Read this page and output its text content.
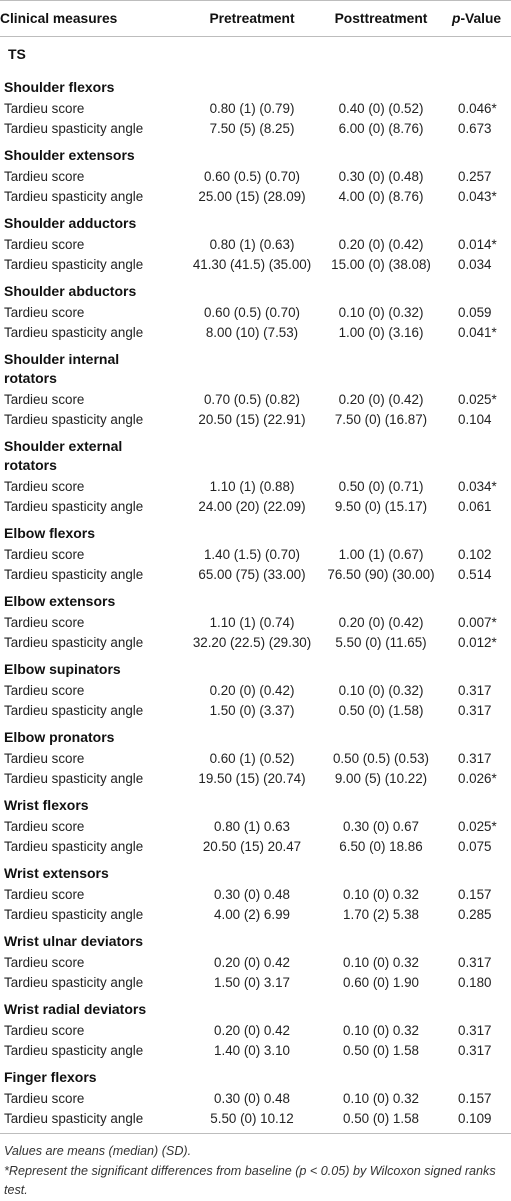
Clinical measures	Pretreatment	Posttreatment	p-Value
TS			
Shoulder flexors			
Tardieu score	0.80 (1) (0.79)	0.40 (0) (0.52)	0.046*
Tardieu spasticity angle	7.50 (5) (8.25)	6.00 (0) (8.76)	0.673
Shoulder extensors			
Tardieu score	0.60 (0.5) (0.70)	0.30 (0) (0.48)	0.257
Tardieu spasticity angle	25.00 (15) (28.09)	4.00 (0) (8.76)	0.043*
Shoulder adductors			
Tardieu score	0.80 (1) (0.63)	0.20 (0) (0.42)	0.014*
Tardieu spasticity angle	41.30 (41.5) (35.00)	15.00 (0) (38.08)	0.034
Shoulder abductors			
Tardieu score	0.60 (0.5) (0.70)	0.10 (0) (0.32)	0.059
Tardieu spasticity angle	8.00 (10) (7.53)	1.00 (0) (3.16)	0.041*
Shoulder internal
rotators			
Tardieu score	0.70 (0.5) (0.82)	0.20 (0) (0.42)	0.025*
Tardieu spasticity angle	20.50 (15) (22.91)	7.50 (0) (16.87)	0.104
Shoulder external
rotators			
Tardieu score	1.10 (1) (0.88)	0.50 (0) (0.71)	0.034*
Tardieu spasticity angle	24.00 (20) (22.09)	9.50 (0) (15.17)	0.061
Elbow flexors			
Tardieu score	1.40 (1.5) (0.70)	1.00 (1) (0.67)	0.102
Tardieu spasticity angle	65.00 (75) (33.00)	76.50 (90) (30.00)	0.514
Elbow extensors			
Tardieu score	1.10 (1) (0.74)	0.20 (0) (0.42)	0.007*
Tardieu spasticity angle	32.20 (22.5) (29.30)	5.50 (0) (11.65)	0.012*
Elbow supinators			
Tardieu score	0.20 (0) (0.42)	0.10 (0) (0.32)	0.317
Tardieu spasticity angle	1.50 (0) (3.37)	0.50 (0) (1.58)	0.317
Elbow pronators			
Tardieu score	0.60 (1) (0.52)	0.50 (0.5) (0.53)	0.317
Tardieu spasticity angle	19.50 (15) (20.74)	9.00 (5) (10.22)	0.026*
Wrist flexors			
Tardieu score	0.80 (1) 0.63	0.30 (0) 0.67	0.025*
Tardieu spasticity angle	20.50 (15) 20.47	6.50 (0) 18.86	0.075
Wrist extensors			
Tardieu score	0.30 (0) 0.48	0.10 (0) 0.32	0.157
Tardieu spasticity angle	4.00 (2) 6.99	1.70 (2) 5.38	0.285
Wrist ulnar deviators			
Tardieu score	0.20 (0) 0.42	0.10 (0) 0.32	0.317
Tardieu spasticity angle	1.50 (0) 3.17	0.60 (0) 1.90	0.180
Wrist radial deviators			
Tardieu score	0.20 (0) 0.42	0.10 (0) 0.32	0.317
Tardieu spasticity angle	1.40 (0) 3.10	0.50 (0) 1.58	0.317
Finger flexors			
Tardieu score	0.30 (0) 0.48	0.10 (0) 0.32	0.157
Tardieu spasticity angle	5.50 (0) 10.12	0.50 (0) 1.58	0.109
Values are means (median) (SD).
*Represent the significant differences from baseline (p < 0.05) by Wilcoxon signed ranks test.
